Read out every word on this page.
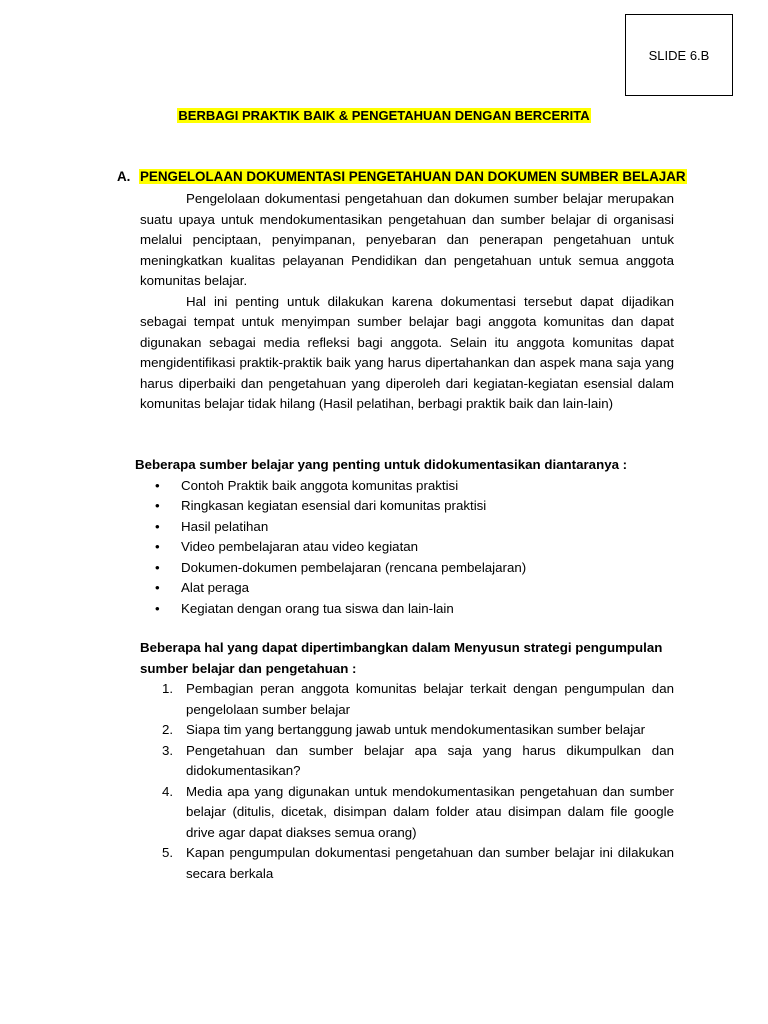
SLIDE 6.B
BERBAGI PRAKTIK BAIK & PENGETAHUAN DENGAN BERCERITA
A. PENGELOLAAN DOKUMENTASI PENGETAHUAN DAN DOKUMEN SUMBER BELAJAR

Pengelolaan dokumentasi pengetahuan dan dokumen sumber belajar merupakan suatu upaya untuk mendokumentasikan pengetahuan dan sumber belajar di organisasi melalui penciptaan, penyimpanan, penyebaran dan penerapan pengetahuan untuk meningkatkan kualitas pelayanan Pendidikan dan pengetahuan untuk semua anggota komunitas belajar.

Hal ini penting untuk dilakukan karena dokumentasi tersebut dapat dijadikan sebagai tempat untuk menyimpan sumber belajar bagi anggota komunitas dan dapat digunakan sebagai media refleksi bagi anggota. Selain itu anggota komunitas dapat mengidentifikasi praktik-praktik baik yang harus dipertahankan dan aspek mana saja yang harus diperbaiki dan pengetahuan yang diperoleh dari kegiatan-kegiatan esensial dalam komunitas belajar tidak hilang (Hasil pelatihan, berbagi praktik baik dan lain-lain)

Beberapa sumber belajar yang penting untuk didokumentasikan diantaranya :
• Contoh Praktik baik anggota komunitas praktisi
• Ringkasan kegiatan esensial dari komunitas praktisi
• Hasil pelatihan
• Video pembelajaran atau video kegiatan
• Dokumen-dokumen pembelajaran (rencana pembelajaran)
• Alat peraga
• Kegiatan dengan orang tua siswa dan lain-lain
Beberapa hal yang dapat dipertimbangkan dalam Menyusun strategi pengumpulan sumber belajar dan pengetahuan :
1. Pembagian peran anggota komunitas belajar terkait dengan pengumpulan dan pengelolaan sumber belajar
2. Siapa tim yang bertanggung jawab untuk mendokumentasikan sumber belajar
3. Pengetahuan dan sumber belajar apa saja yang harus dikumpulkan dan didokumentasikan?
4. Media apa yang digunakan untuk mendokumentasikan pengetahuan dan sumber belajar (ditulis, dicetak, disimpan dalam folder atau disimpan dalam file google drive agar dapat diakses semua orang)
5. Kapan pengumpulan dokumentasi pengetahuan dan sumber belajar ini dilakukan secara berkala
